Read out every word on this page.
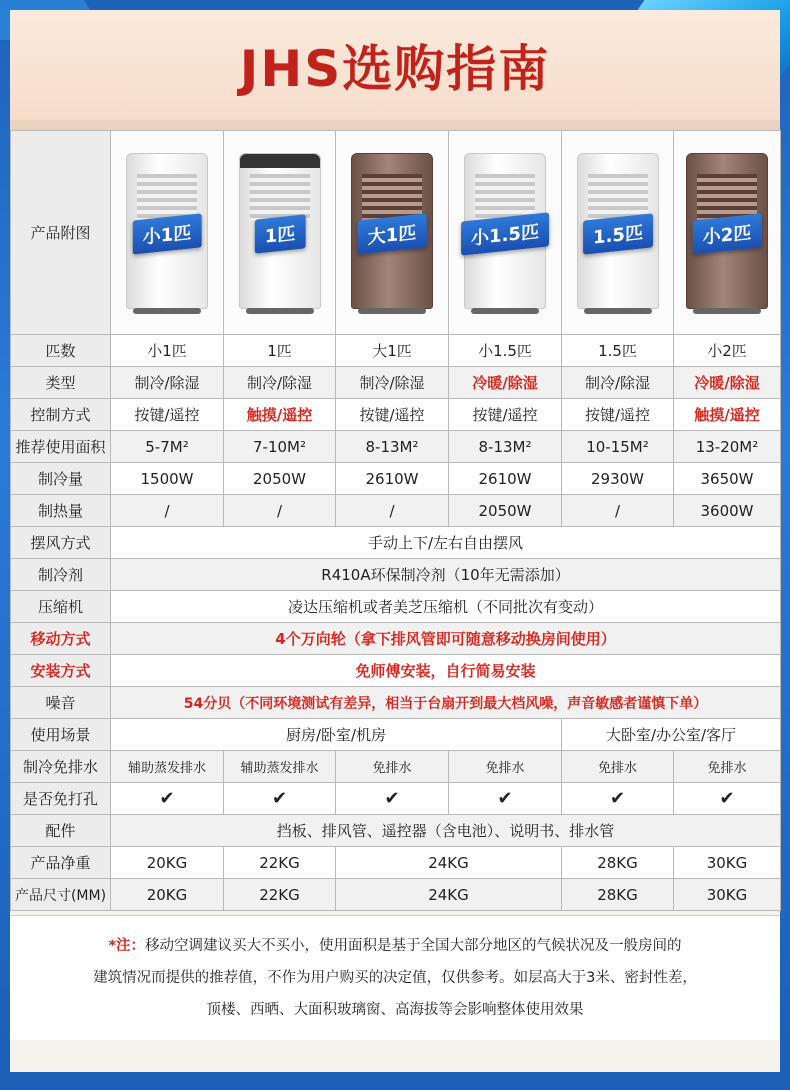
JHS选购指南
产品附图	小1匹	1匹	大1匹	小1.5匹	1.5匹	小2匹

匹数	小1匹	1匹	大1匹	小1.5匹	1.5匹	小2匹
类型	制冷/除湿	制冷/除湿	制冷/除湿	冷暖/除湿	制冷/除湿	冷暖/除湿
控制方式	按键/遥控	触摸/遥控	按键/遥控	按键/遥控	按键/遥控	触摸/遥控
推荐使用面积	5-7M²	7-10M²	8-13M²	8-13M²	10-15M²	13-20M²
制冷量	1500W	2050W	2610W	2610W	2930W	3650W
制热量	/	/	/	2050W	/	3600W
摆风方式	手动上下/左右自由摆风					
制冷剂	R410A环保制冷剂（10年无需添加）					
压缩机	凌达压缩机或者美芝压缩机（不同批次有变动）					
移动方式	4个万向轮（拿下排风管即可随意移动换房间使用）					
安装方式	免师傅安装，自行简易安装					
噪音	54分贝（不同环境测试有差异，相当于台扇开到最大档风噪，声音敏感者谨慎下单）					
使用场景	厨房/卧室/机房				大卧室/办公室/客厅	
制冷免排水	辅助蒸发排水	辅助蒸发排水	免排水	免排水	免排水	免排水
是否免打孔	✔	✔	✔	✔	✔	✔
配件	挡板、排风管、遥控器（含电池）、说明书、排水管					
产品净重	20KG	22KG	24KG		28KG	30KG
产品尺寸(MM)	20KG	22KG	24KG		28KG	30KG
*注：移动空调建议买大不买小，使用面积是基于全国大部分地区的气候状况及一般房间的
建筑情况而提供的推荐值，不作为用户购买的决定值，仅供参考。如层高大于3米、密封性差，
顶楼、西晒、大面积玻璃窗、高海拔等会影响整体使用效果
